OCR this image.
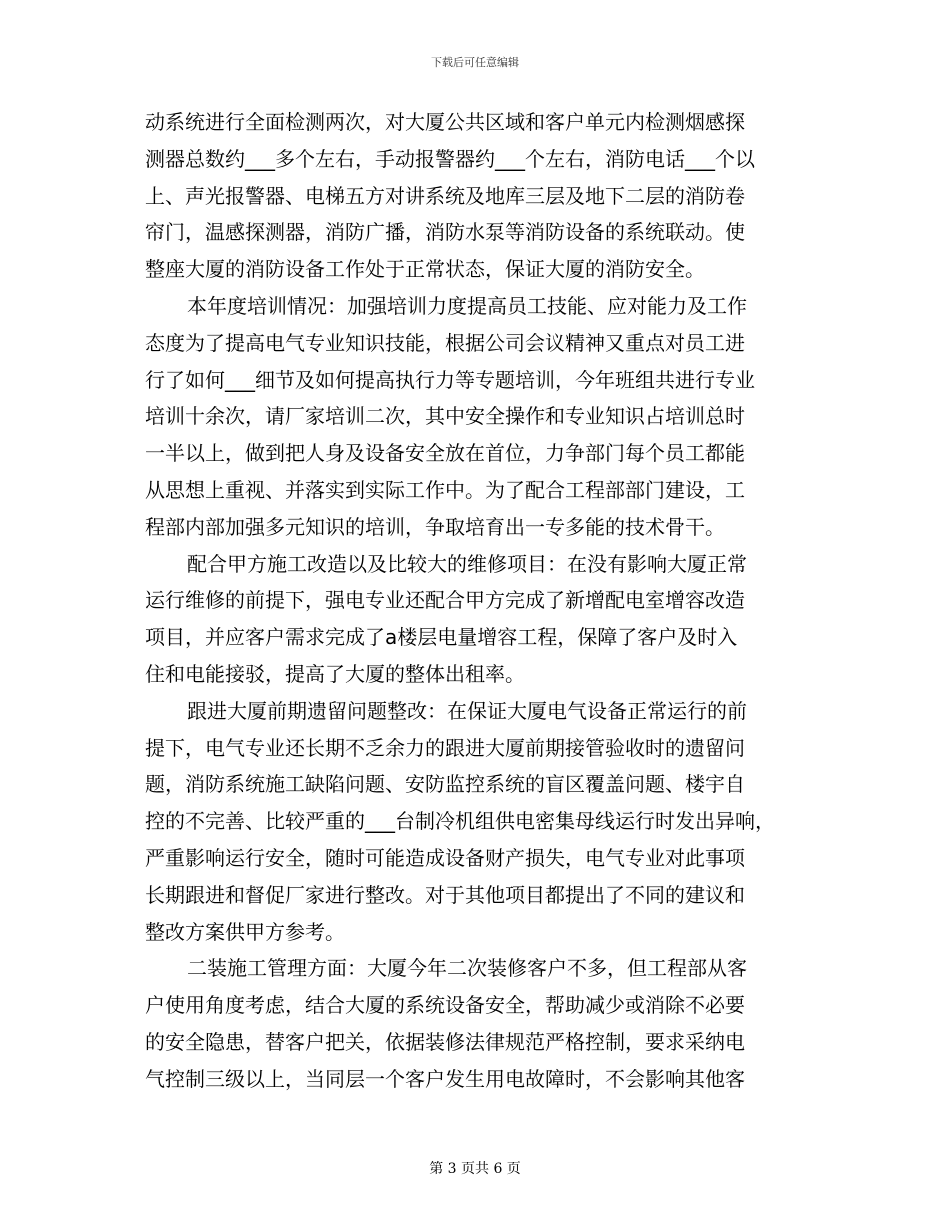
下载后可任意编辑
动系统进行全面检测两次，对大厦公共区域和客户单元内检测烟感探
测器总数约___多个左右，手动报警器约___个左右，消防电话___个以
上、声光报警器、电梯五方对讲系统及地库三层及地下二层的消防卷
帘门，温感探测器，消防广播，消防水泵等消防设备的系统联动。使
整座大厦的消防设备工作处于正常状态，保证大厦的消防安全。
本年度培训情况：加强培训力度提高员工技能、应对能力及工作
态度为了提高电气专业知识技能，根据公司会议精神又重点对员工进
行了如何___细节及如何提高执行力等专题培训，今年班组共进行专业
培训十余次，请厂家培训二次，其中安全操作和专业知识占培训总时
一半以上，做到把人身及设备安全放在首位，力争部门每个员工都能
从思想上重视、并落实到实际工作中。为了配合工程部部门建设，工
程部内部加强多元知识的培训，争取培育出一专多能的技术骨干。
配合甲方施工改造以及比较大的维修项目：在没有影响大厦正常
运行维修的前提下，强电专业还配合甲方完成了新增配电室增容改造
项目，并应客户需求完成了a楼层电量增容工程，保障了客户及时入
住和电能接驳，提高了大厦的整体出租率。
跟进大厦前期遗留问题整改：在保证大厦电气设备正常运行的前
提下，电气专业还长期不乏余力的跟进大厦前期接管验收时的遗留问
题，消防系统施工缺陷问题、安防监控系统的盲区覆盖问题、楼宇自
控的不完善、比较严重的___台制冷机组供电密集母线运行时发出异响，
严重影响运行安全，随时可能造成设备财产损失，电气专业对此事项
长期跟进和督促厂家进行整改。对于其他项目都提出了不同的建议和
整改方案供甲方参考。
二装施工管理方面：大厦今年二次装修客户不多，但工程部从客
户使用角度考虑，结合大厦的系统设备安全，帮助减少或消除不必要
的安全隐患，替客户把关，依据装修法律规范严格控制，要求采纳电
气控制三级以上，当同层一个客户发生用电故障时，不会影响其他客
第 3 页共 6 页
